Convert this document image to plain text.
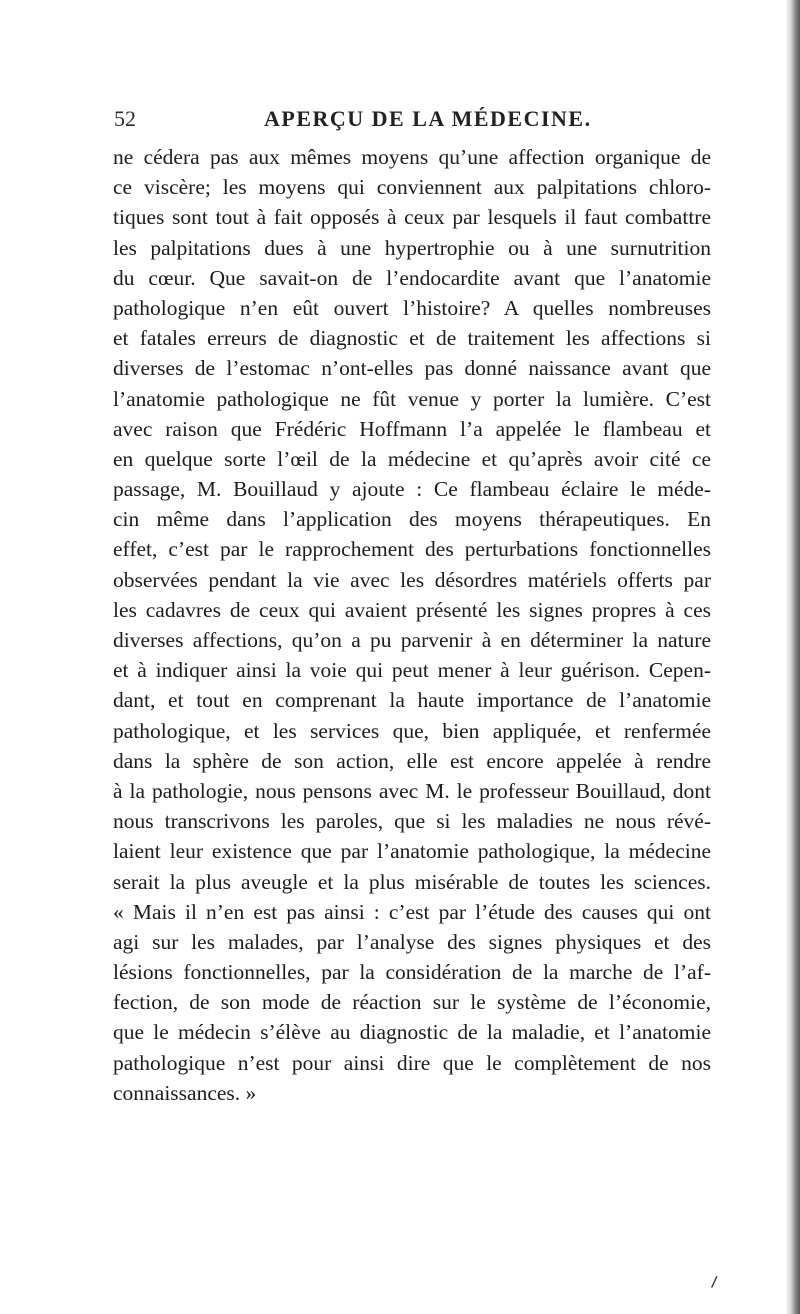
52	APERÇU DE LA MÉDECINE.
ne cédera pas aux mêmes moyens qu’une affection organique de
ce viscère; les moyens qui conviennent aux palpitations chloro-
tiques sont tout à fait opposés à ceux par lesquels il faut combattre
les palpitations dues à une hypertrophie ou à une surnutrition
du cœur. Que savait-on de l’endocardite avant que l’anatomie
pathologique n’en eût ouvert l’histoire? A quelles nombreuses
et fatales erreurs de diagnostic et de traitement les affections si
diverses de l’estomac n’ont-elles pas donné naissance avant que
l’anatomie pathologique ne fût venue y porter la lumière. C’est
avec raison que Frédéric Hoffmann l’a appelée le flambeau et
en quelque sorte l’œil de la médecine et qu’après avoir cité ce
passage, M. Bouillaud y ajoute : Ce flambeau éclaire le méde-
cin même dans l’application des moyens thérapeutiques. En
effet, c’est par le rapprochement des perturbations fonctionnelles
observées pendant la vie avec les désordres matériels offerts par
les cadavres de ceux qui avaient présenté les signes propres à ces
diverses affections, qu’on a pu parvenir à en déterminer la nature
et à indiquer ainsi la voie qui peut mener à leur guérison. Cepen-
dant, et tout en comprenant la haute importance de l’anatomie
pathologique, et les services que, bien appliquée, et renfermée
dans la sphère de son action, elle est encore appelée à rendre
à la pathologie, nous pensons avec M. le professeur Bouillaud, dont
nous transcrivons les paroles, que si les maladies ne nous révé-
laient leur existence que par l’anatomie pathologique, la médecine
serait la plus aveugle et la plus misérable de toutes les sciences.
« Mais il n’en est pas ainsi : c’est par l’étude des causes qui ont
agi sur les malades, par l’analyse des signes physiques et des
lésions fonctionnelles, par la considération de la marche de l’af-
fection, de son mode de réaction sur le système de l’économie,
que le médecin s’élève au diagnostic de la maladie, et l’anatomie
pathologique n’est pour ainsi dire que le complètement de nos
connaissances. »
⸝
